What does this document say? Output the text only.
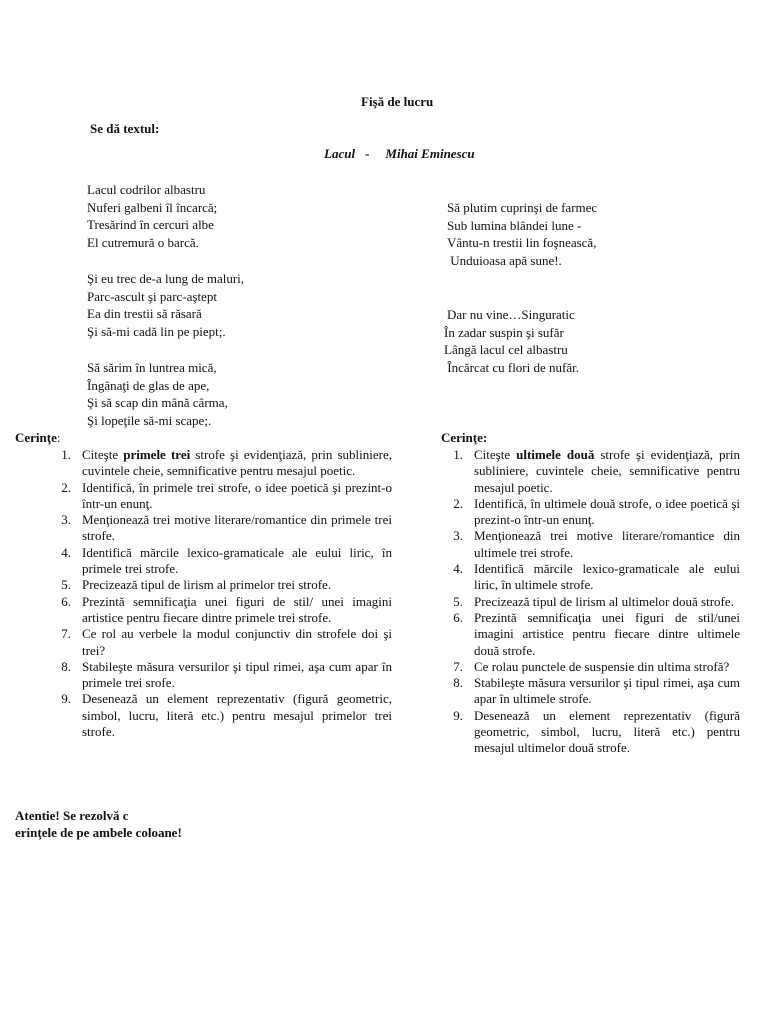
Fişă de lucru
Se dă textul:
Lacul - Mihai Eminescu
Lacul codrilor albastru
Nuferi galbeni îl încarcă;
Tresărind în cercuri albe
El cutremură o barcă.
Şi eu trec de-a lung de maluri,
Parc-ascult şi parc-aştept
Ea din trestii să răsară
Şi să-mi cadă lin pe piept;.
Să sărim în luntrea mică,
Îngânaţi de glas de ape,
Şi să scap din mână cârma,
Şi lopeţile să-mi scape;.
Să plutim cuprinşi de farmec
Sub lumina blândei lune -
Vântu-n trestii lin foşnească,
Unduioasa apă sune!.
Dar nu vine…Singuratic
În zadar suspin şi sufăr
Lângă lacul cel albastru
Încărcat cu flori de nufăr.
Cerinţe:	Cerinţe:
1. Citeşte primele trei strofe şi evidenţiază, prin subliniere, cuvintele cheie, semnificative pentru mesajul poetic.
2. Identifică, în primele trei strofe, o idee poetică şi prezint-o într-un enunţ.
3. Menţionează trei motive literare/romantice din primele trei strofe.
4. Identifică mărcile lexico-gramaticale ale eului liric, în primele trei strofe.
5. Precizează tipul de lirism al primelor trei strofe.
6. Prezintă semnificaţia unei figuri de stil/ unei imagini artistice pentru fiecare dintre primele trei strofe.
7. Ce rol au verbele la modul conjunctiv din strofele doi şi trei?
8. Stabileşte măsura versurilor şi tipul rimei, aşa cum apar în primele trei srofe.
9. Desenează un element reprezentativ (figură geometric, simbol, lucru, literă etc.) pentru mesajul primelor trei strofe.
1. Citeşte ultimele două strofe şi evidenţiază, prin subliniere, cuvintele cheie, semnificative pentru mesajul poetic.
2. Identifică, în ultimele două strofe, o idee poetică şi prezint-o într-un enunţ.
3. Menţionează trei motive literare/romantice din ultimele trei strofe.
4. Identifică mărcile lexico-gramaticale ale eului liric, în ultimele strofe.
5. Precizează tipul de lirism al ultimelor două strofe.
6. Prezintă semnificaţia unei figuri de stil/unei imagini artistice pentru fiecare dintre ultimele două strofe.
7. Ce rolau punctele de suspensie din ultima strofă?
8. Stabileşte măsura versurilor şi tipul rimei, aşa cum apar în ultimele strofe.
9. Desenează un element reprezentativ (figură geometric, simbol, lucru, literă etc.) pentru mesajul ultimelor două strofe.
Atentie! Se rezolvă c
erinţele de pe ambele coloane!
